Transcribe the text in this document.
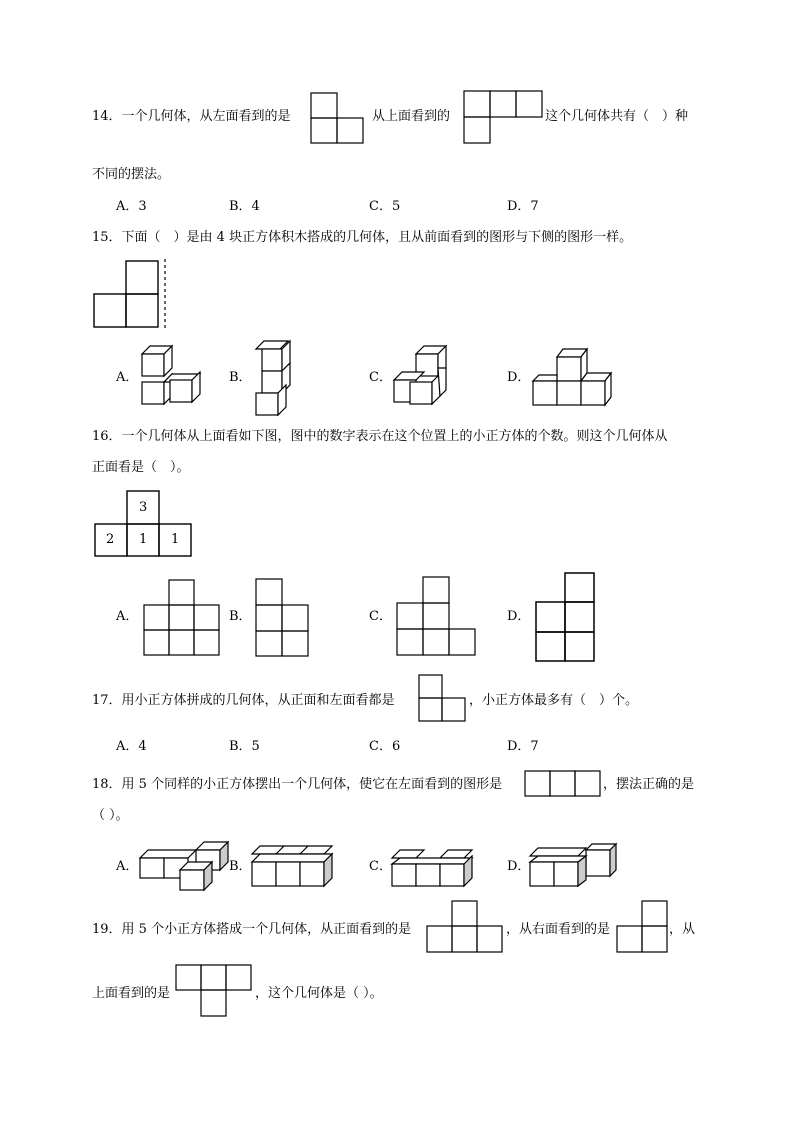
14．一个几何体，从左面看到的是	从上面看到的	这个几何体共有（　）种
不同的摆法。
A．3	B．4	C．5	D．7
15．下面（　）是由 4 块正方体积木搭成的几何体，且从前面看到的图形与下侧的图形一样。
A．	B．	C．	D．
16．一个几何体从上面看如下图，图中的数字表示在这个位置上的小正方体的个数。则这个几何体从
正面看是（　）。
3
2 1 1
A．	B．	C．	D．
17．用小正方体拼成的几何体，从正面和左面看都是	，小正方体最多有（　）个。
A．4	B．5	C．6	D．7
18．用 5 个同样的小正方体摆出一个几何体，使它在左面看到的图形是	，摆法正确的是
（ ）。
A．	B．	C．	D．
19．用 5 个小正方体搭成一个几何体，从正面看到的是	，从右面看到的是	，从
上面看到的是	，这个几何体是（ ）。
